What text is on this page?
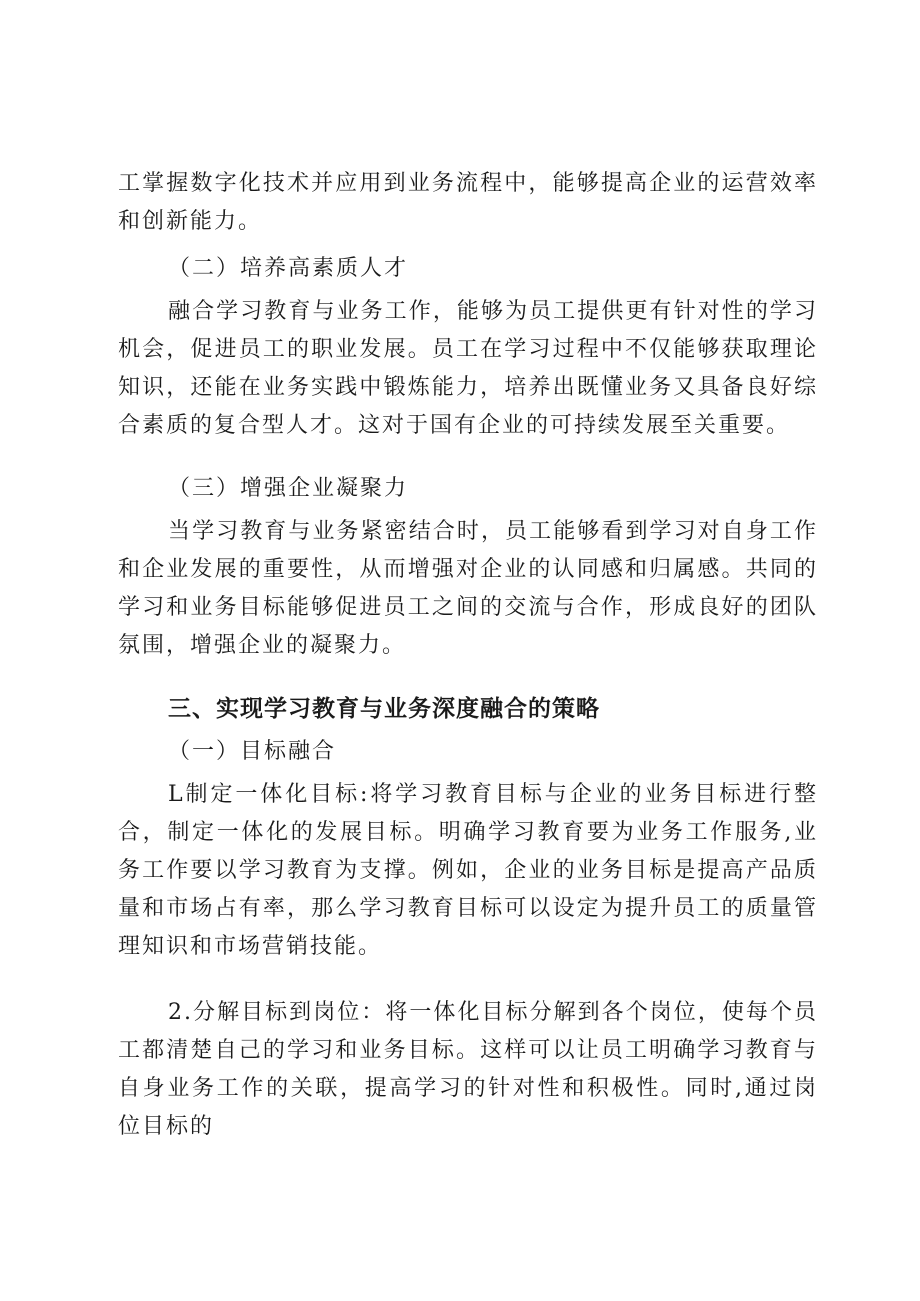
工掌握数字化技术并应用到业务流程中，能够提高企业的运营效率和创新能力。

（二）培养高素质人才

融合学习教育与业务工作，能够为员工提供更有针对性的学习机会，促进员工的职业发展。员工在学习过程中不仅能够获取理论知识，还能在业务实践中锻炼能力，培养出既懂业务又具备良好综合素质的复合型人才。这对于国有企业的可持续发展至关重要。

（三）增强企业凝聚力

当学习教育与业务紧密结合时，员工能够看到学习对自身工作和企业发展的重要性，从而增强对企业的认同感和归属感。共同的学习和业务目标能够促进员工之间的交流与合作，形成良好的团队氛围，增强企业的凝聚力。

三、实现学习教育与业务深度融合的策略

（一）目标融合

L制定一体化目标:将学习教育目标与企业的业务目标进行整合，制定一体化的发展目标。明确学习教育要为业务工作服务,业务工作要以学习教育为支撑。例如，企业的业务目标是提高产品质量和市场占有率，那么学习教育目标可以设定为提升员工的质量管理知识和市场营销技能。

2.分解目标到岗位：将一体化目标分解到各个岗位，使每个员工都清楚自己的学习和业务目标。这样可以让员工明确学习教育与自身业务工作的关联，提高学习的针对性和积极性。同时,通过岗位目标的
